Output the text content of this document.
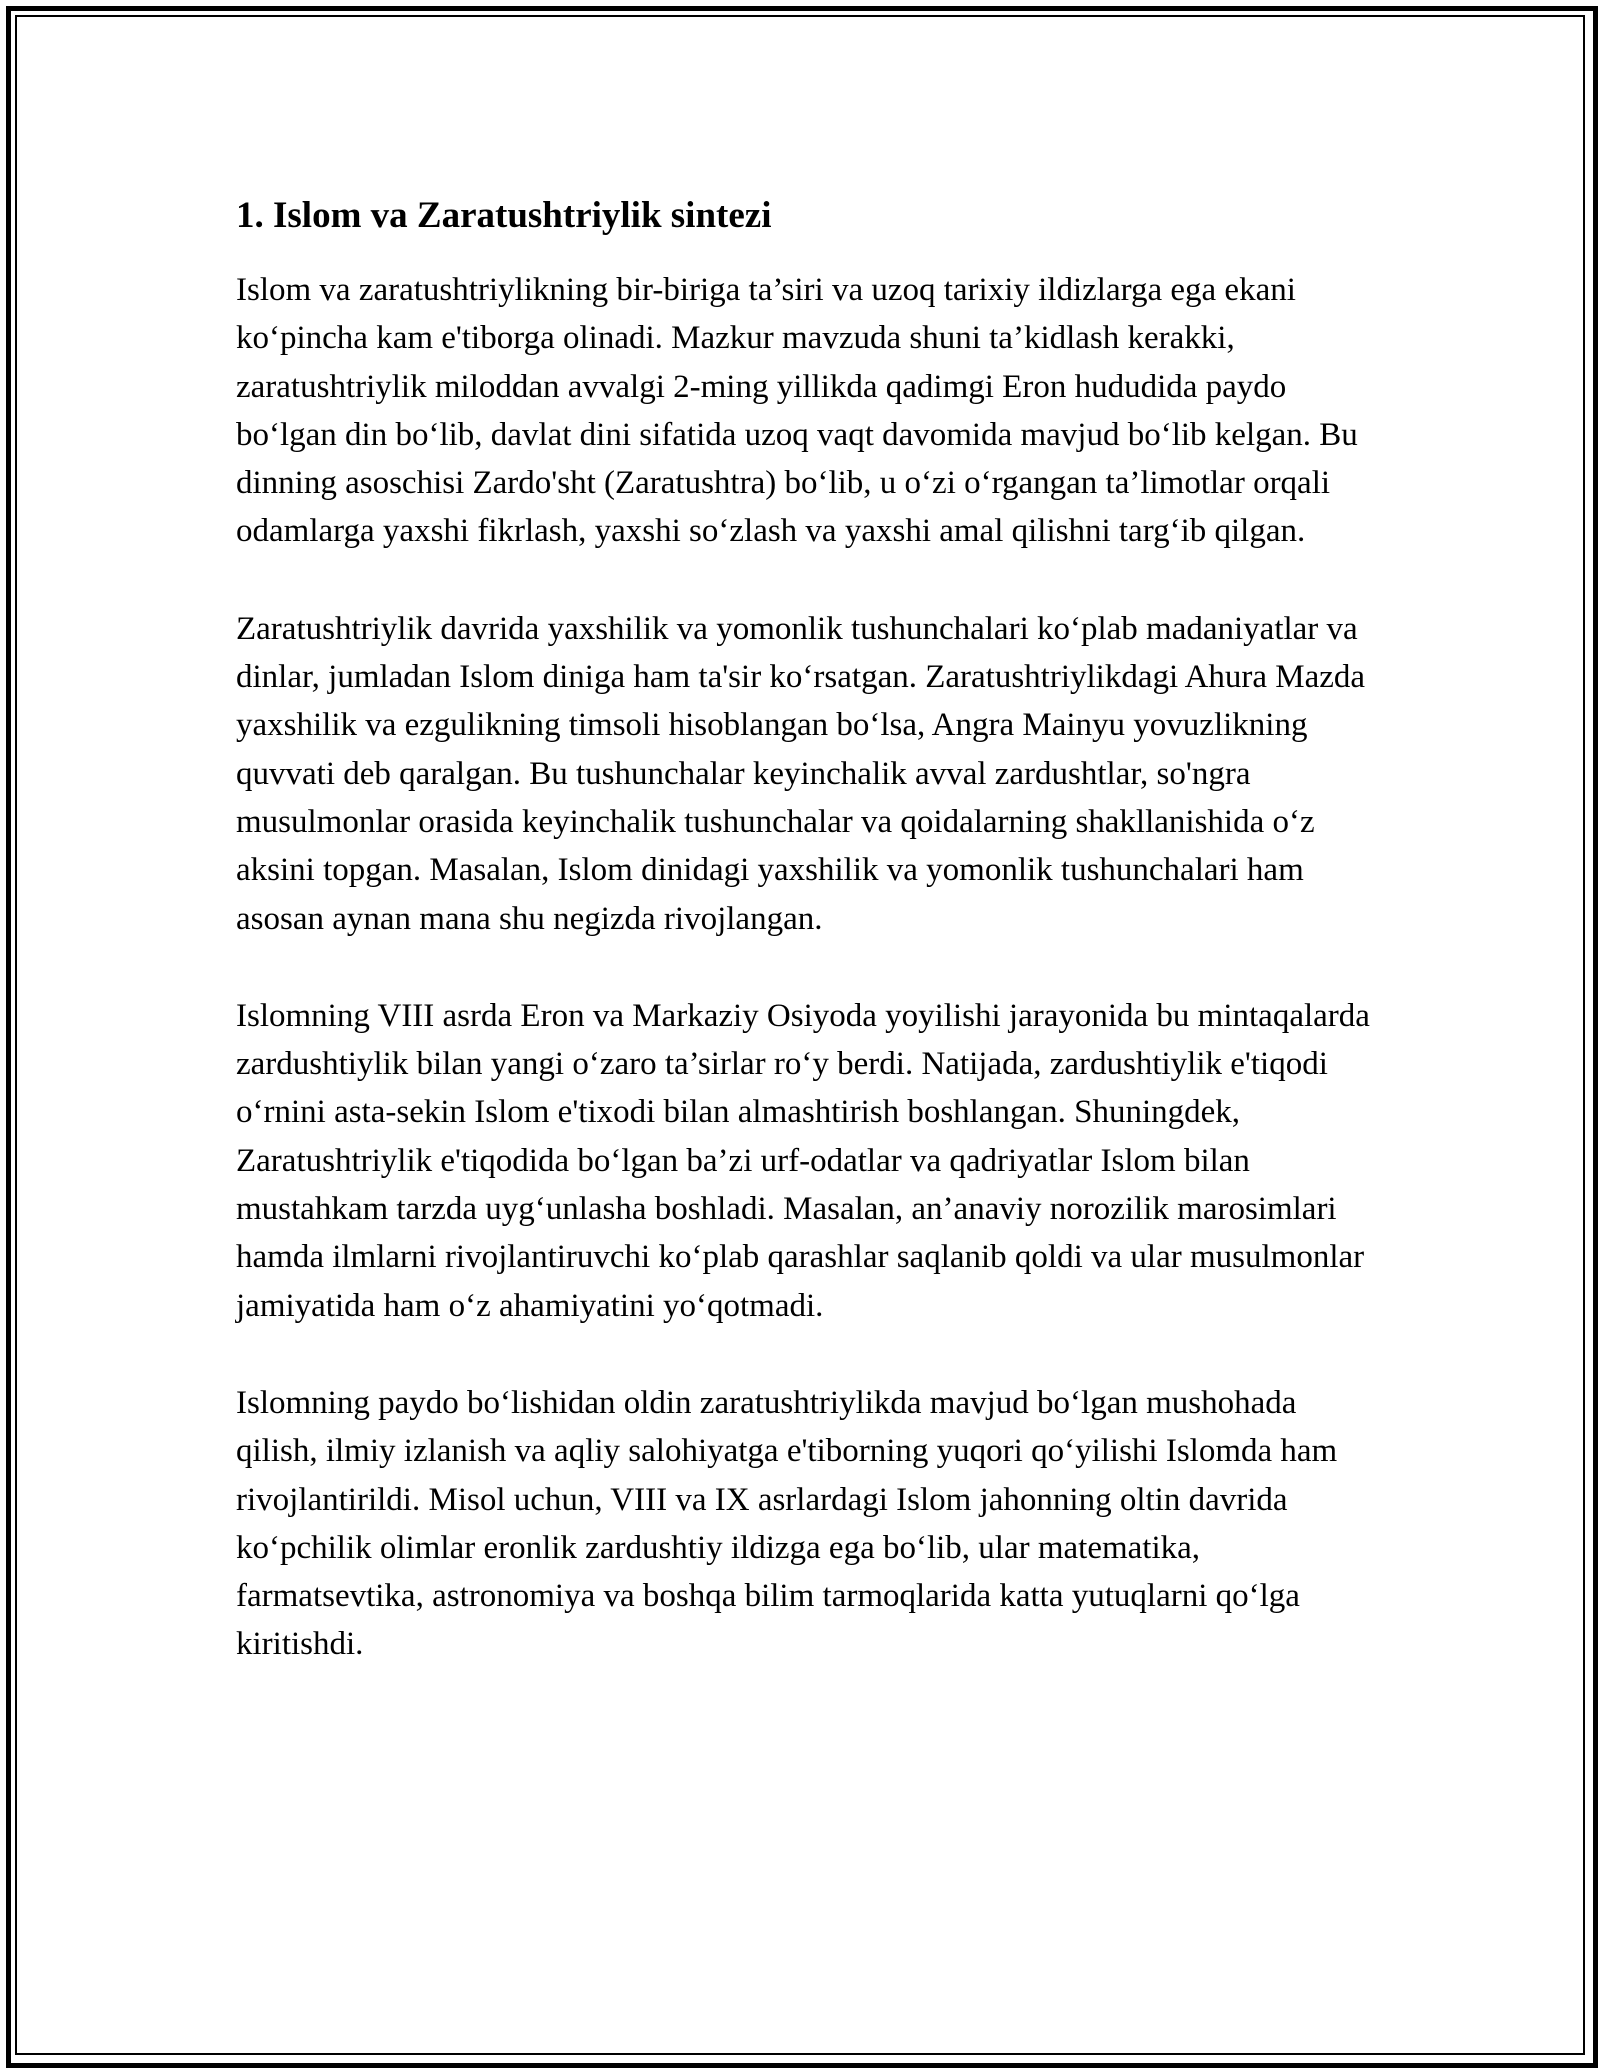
1. Islom va Zaratushtriylik sintezi

Islom va zaratushtriylikning bir-biriga ta’siri va uzoq tarixiy ildizlarga ega ekani ko‘pincha kam e'tiborga olinadi. Mazkur mavzuda shuni ta’kidlash kerakki, zaratushtriylik miloddan avvalgi 2-ming yillikda qadimgi Eron hududida paydo bo‘lgan din bo‘lib, davlat dini sifatida uzoq vaqt davomida mavjud bo‘lib kelgan. Bu dinning asoschisi Zardo'sht (Zaratushtra) bo‘lib, u o‘zi o‘rgangan ta’limotlar orqali odamlarga yaxshi fikrlash, yaxshi so‘zlash va yaxshi amal qilishni targ‘ib qilgan.

Zaratushtriylik davrida yaxshilik va yomonlik tushunchalari ko‘plab madaniyatlar va dinlar, jumladan Islom diniga ham ta'sir ko‘rsatgan. Zaratushtriylikdagi Ahura Mazda yaxshilik va ezgulikning timsoli hisoblangan bo‘lsa, Angra Mainyu yovuzlikning quvvati deb qaralgan. Bu tushunchalar keyinchalik avval zardushtlar, so'ngra musulmonlar orasida keyinchalik tushunchalar va qoidalarning shakllanishida o‘z aksini topgan. Masalan, Islom dinidagi yaxshilik va yomonlik tushunchalari ham asosan aynan mana shu negizda rivojlangan.

Islomning VIII asrda Eron va Markaziy Osiyoda yoyilishi jarayonida bu mintaqalarda zardushtiylik bilan yangi o‘zaro ta’sirlar ro‘y berdi. Natijada, zardushtiylik e'tiqodi o‘rnini asta-sekin Islom e'tixodi bilan almashtirish boshlangan. Shuningdek, Zaratushtriylik e'tiqodida bo‘lgan ba’zi urf-odatlar va qadriyatlar Islom bilan mustahkam tarzda uyg‘unlasha boshladi. Masalan, an’anaviy norozilik marosimlari hamda ilmlarni rivojlantiruvchi ko‘plab qarashlar saqlanib qoldi va ular musulmonlar jamiyatida ham o‘z ahamiyatini yo‘qotmadi.

Islomning paydo bo‘lishidan oldin zaratushtriylikda mavjud bo‘lgan mushohada qilish, ilmiy izlanish va aqliy salohiyatga e'tiborning yuqori qo‘yilishi Islomda ham rivojlantirildi. Misol uchun, VIII va IX asrlardagi Islom jahonning oltin davrida ko‘pchilik olimlar eronlik zardushtiy ildizga ega bo‘lib, ular matematika, farmatsevtika, astronomiya va boshqa bilim tarmoqlarida katta yutuqlarni qo‘lga kiritishdi.
